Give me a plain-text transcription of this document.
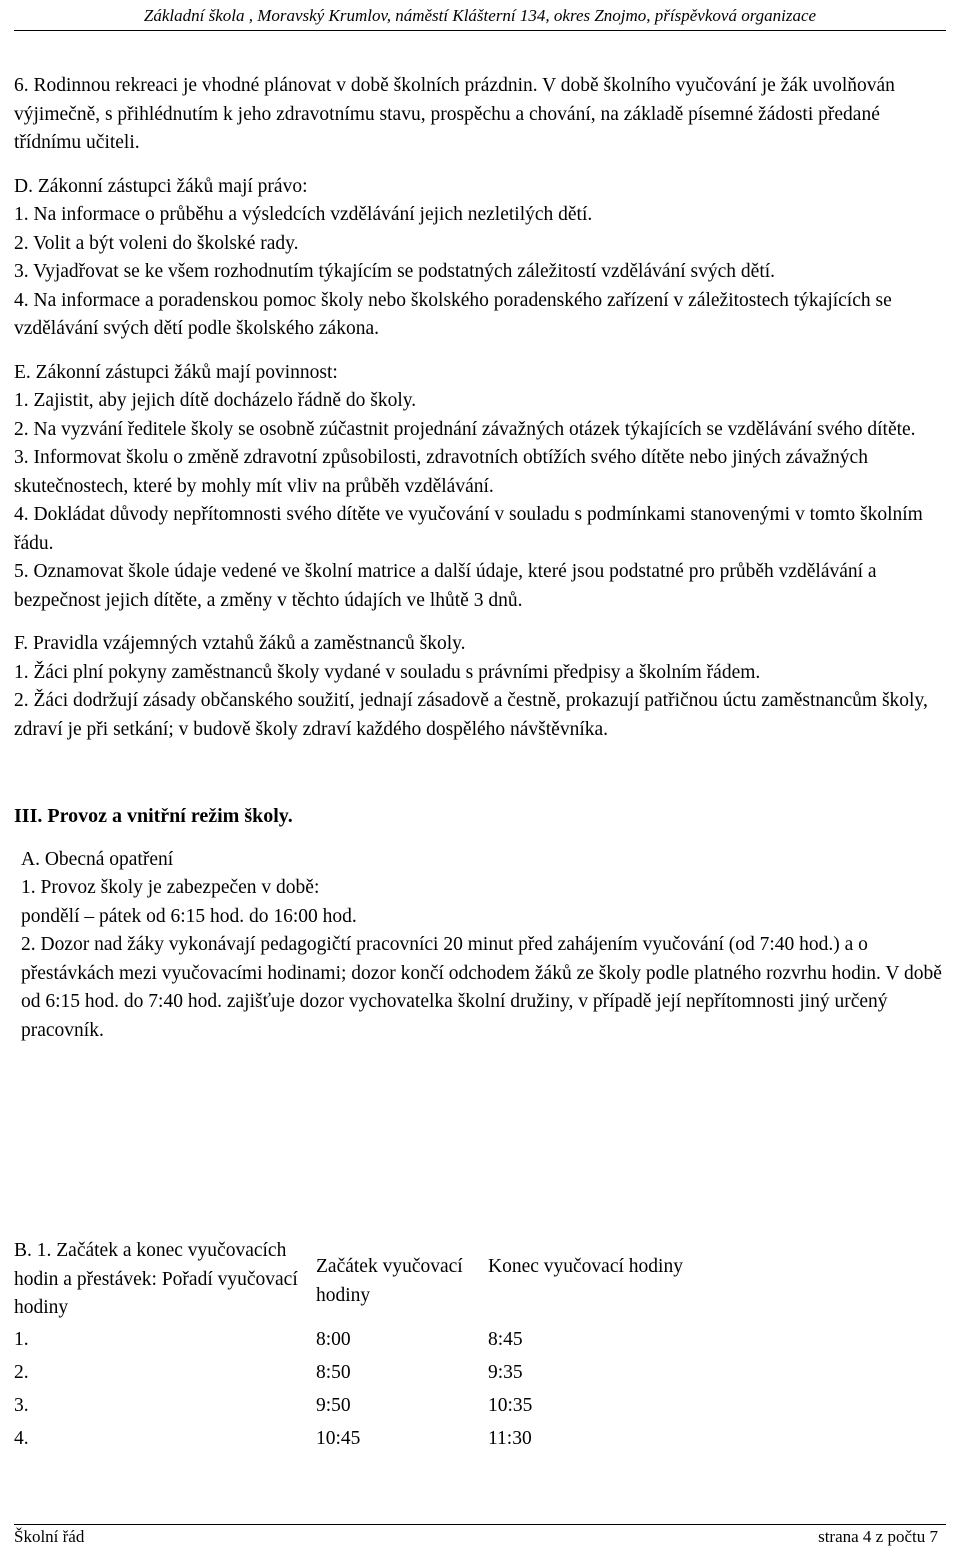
Základní škola , Moravský Krumlov, náměstí Klášterní 134, okres Znojmo, příspěvková organizace

6. Rodinnou rekreaci je vhodné plánovat v době školních prázdnin. V době školního vyučování je žák uvolňován výjimečně, s přihlédnutím k jeho zdravotnímu stavu, prospěchu a chování, na základě písemné žádosti předané třídnímu učiteli.

D. Zákonní zástupci žáků mají právo:

1. Na informace o průběhu a výsledcích vzdělávání jejich nezletilých dětí.

2. Volit a být voleni do školské rady.

3. Vyjadřovat se ke všem rozhodnutím týkajícím se podstatných záležitostí vzdělávání svých dětí.

4. Na informace a poradenskou pomoc školy nebo školského poradenského zařízení v záležitostech týkajících se vzdělávání svých dětí podle školského zákona.

E. Zákonní zástupci žáků mají povinnost:

1. Zajistit, aby jejich dítě docházelo řádně do školy.

2. Na vyzvání ředitele školy se osobně zúčastnit projednání závažných otázek týkajících se vzdělávání svého dítěte.

3. Informovat školu o změně zdravotní způsobilosti, zdravotních obtížích svého dítěte nebo jiných závažných skutečnostech, které by mohly mít vliv na průběh vzdělávání.

4. Dokládat důvody nepřítomnosti svého dítěte ve vyučování v souladu s podmínkami stanovenými v tomto školním řádu.

5. Oznamovat škole údaje vedené ve školní matrice a další údaje, které jsou podstatné pro průběh vzdělávání a bezpečnost jejich dítěte, a změny v těchto údajích ve lhůtě 3 dnů.

F. Pravidla vzájemných vztahů žáků a zaměstnanců školy.

1. Žáci plní pokyny zaměstnanců školy vydané v souladu s právními předpisy a školním řádem.

2. Žáci dodržují zásady občanského soužití, jednají zásadově a čestně, prokazují patřičnou úctu zaměstnancům školy, zdraví je při setkání; v budově školy zdraví každého dospělého návštěvníka.

III. Provoz a vnitřní režim školy.

A. Obecná opatření

1. Provoz školy je zabezpečen v době:

pondělí – pátek od 6:15 hod. do 16:00 hod.

2. Dozor nad žáky vykonávají pedagogičtí pracovníci 20 minut před zahájením vyučování (od 7:40 hod.) a o přestávkách mezi vyučovacími hodinami; dozor končí odchodem žáků ze školy podle platného rozvrhu hodin. V době od 6:15 hod. do 7:40 hod. zajišťuje dozor vychovatelka školní družiny, v případě její nepřítomnosti jiný určený pracovník.

B. 1. Začátek a konec vyučovacích hodin a přestávek: Pořadí vyučovací hodiny	Začátek vyučovací hodiny	Konec vyučovací hodiny
1.	8:00	8:45
2.	8:50	9:35
3.	9:50	10:35
4.	10:45	11:30
Školní řád	strana 4 z počtu 7
